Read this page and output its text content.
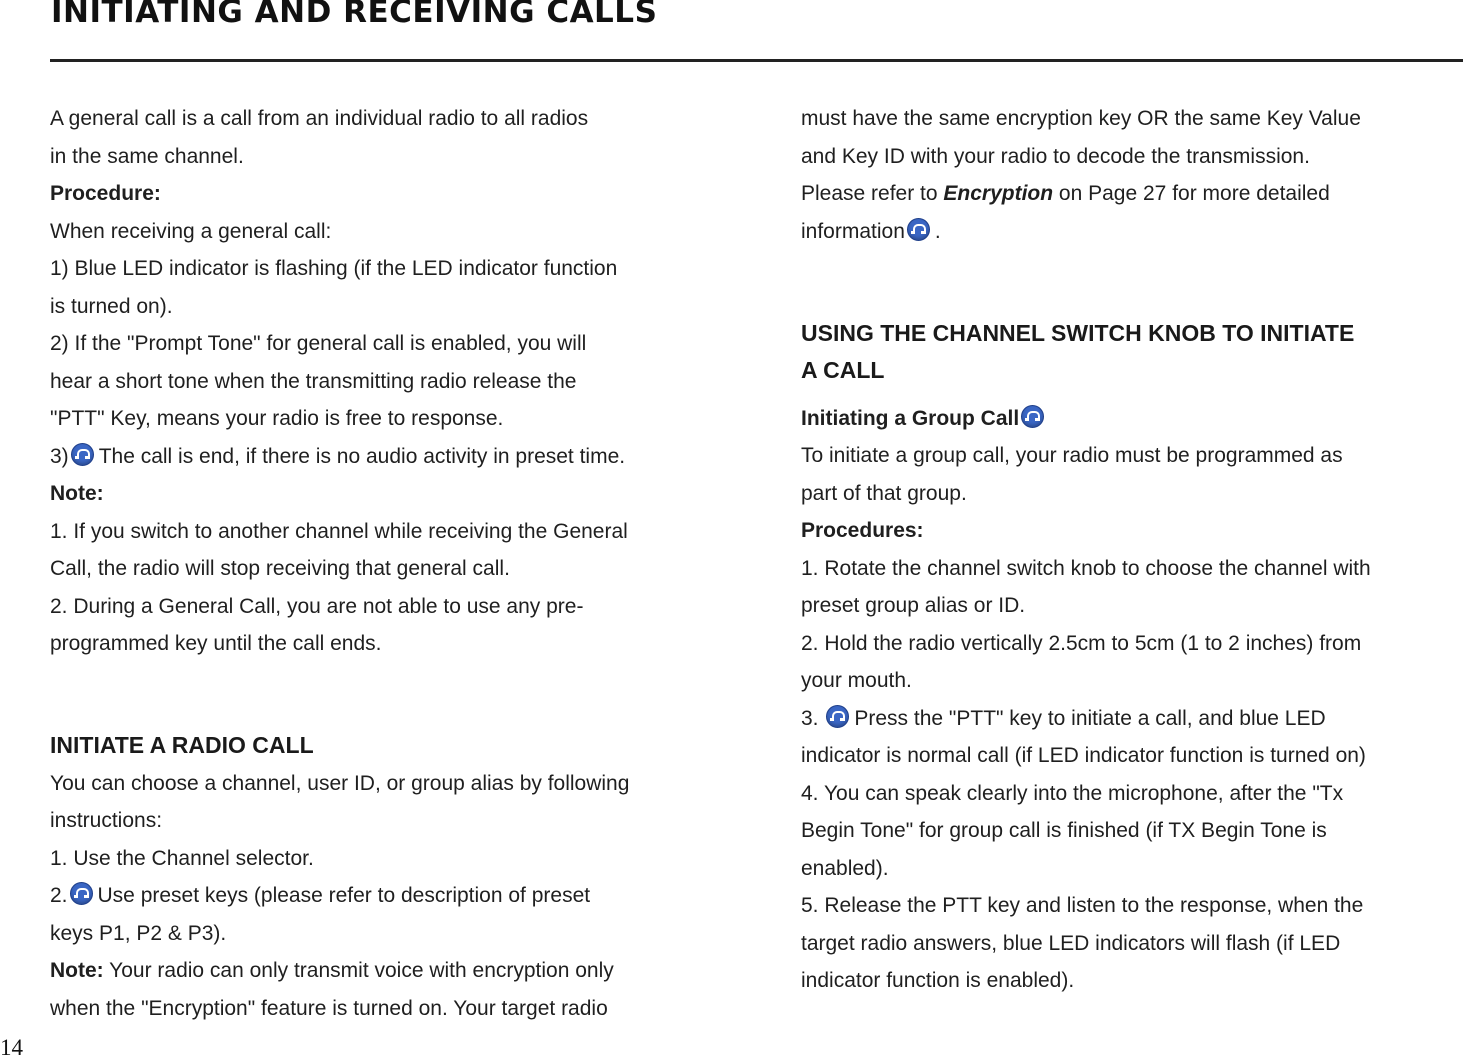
INITIATING AND RECEIVING CALLS

A general call is a call from an individual radio to all radios

in the same channel.

Procedure:

When receiving a general call:

1) Blue LED indicator is flashing (if the LED indicator function

is turned on).

2) If the "Prompt Tone" for general call is enabled, you will

hear a short tone when the transmitting radio release the

"PTT" Key, means your radio is free to response.

3) The call is end, if there is no audio activity in preset time.

Note:

1. If you switch to another channel while receiving the General

Call, the radio will stop receiving that general call.

2. During a General Call, you are not able to use any pre-

programmed key until the call ends.

INITIATE A RADIO CALL

You can choose a channel, user ID, or group alias by following

instructions:

1. Use the Channel selector.

2. Use preset keys (please refer to description of preset

keys P1, P2 & P3).

Note: Your radio can only transmit voice with encryption only

when the "Encryption" feature is turned on. Your target radio

must have the same encryption key OR the same Key Value

and Key ID with your radio to decode the transmission.

Please refer to Encryption on Page 27 for more detailed

information .

USING THE CHANNEL SWITCH KNOB TO INITIATE

A CALL

Initiating a Group Call

To initiate a group call, your radio must be programmed as

part of that group.

Procedures:

1. Rotate the channel switch knob to choose the channel with

preset group alias or ID.

2. Hold the radio vertically 2.5cm to 5cm (1 to 2 inches) from

your mouth.

3. Press the "PTT" key to initiate a call, and blue LED

indicator is normal call (if LED indicator function is turned on)

4. You can speak clearly into the microphone, after the "Tx

Begin Tone" for group call is finished (if TX Begin Tone is

enabled).

5. Release the PTT key and listen to the response, when the

target radio answers, blue LED indicators will flash (if LED

indicator function is enabled).

14
